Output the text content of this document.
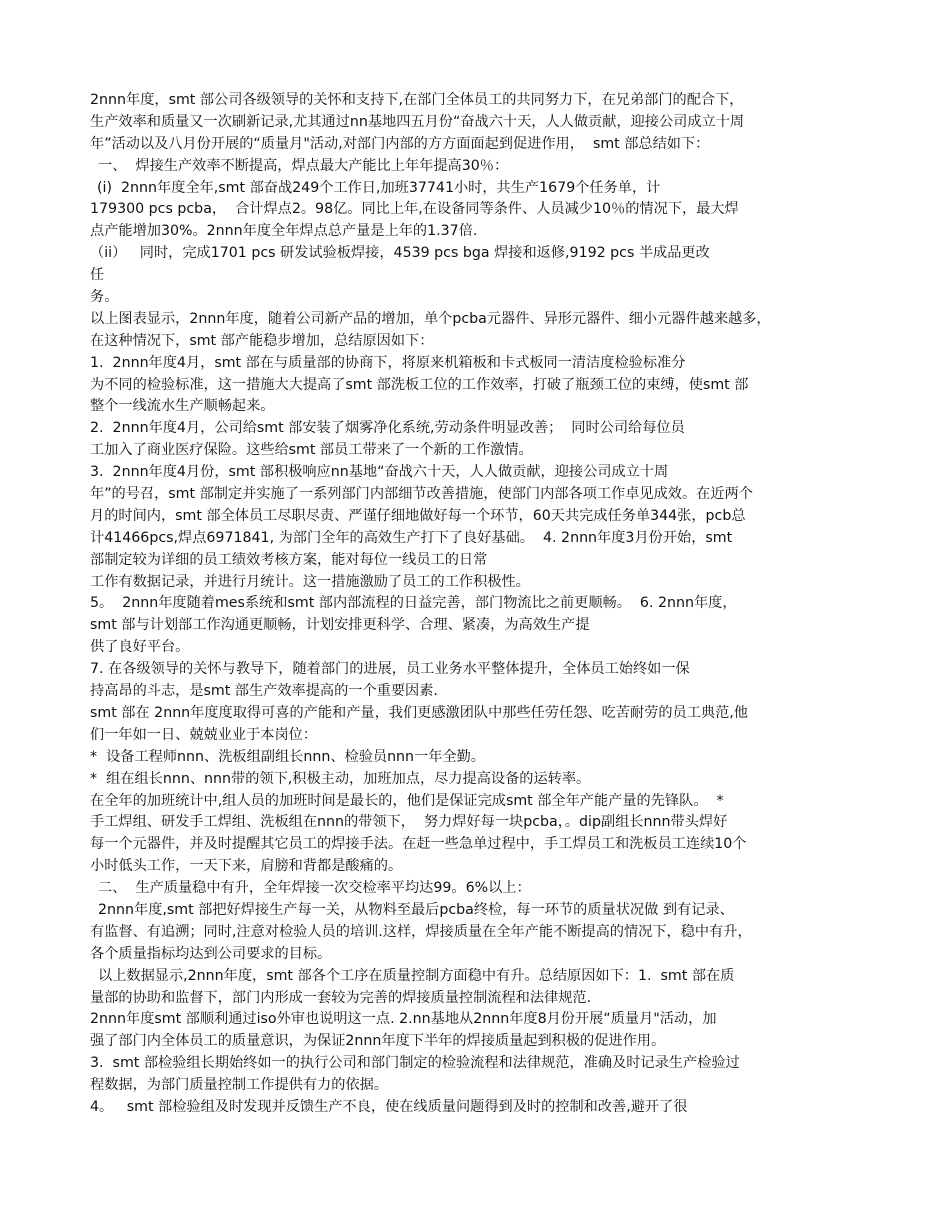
2nnn年度，smt 部公司各级领导的关怀和支持下,在部门全体员工的共同努力下，在兄弟部门的配合下，
生产效率和质量又一次刷新记录,尤其通过nn基地四五月份“奋战六十天，人人做贡献，迎接公司成立十周
年”活动以及八月份开展的“质量月"活动,对部门内部的方方面面起到促进作用，  smt 部总结如下：
一、  焊接生产效率不断提高，焊点最大产能比上年年提高30％：
(i)  2nnn年度全年,smt 部奋战249个工作日,加班37741小时，共生产1679个任务单，计
179300 pcs pcba，  合计焊点2。98亿。同比上年,在设备同等条件、人员减少10％的情况下，最大焊
点产能增加30%。2nnn年度全年焊点总产量是上年的1.37倍.
（ii）   同时，完成1701 pcs 研发试验板焊接，4539 pcs bga 焊接和返修,9192 pcs 半成品更改
任
务。
以上图表显示，2nnn年度，随着公司新产品的增加，单个pcba元器件、异形元器件、细小元器件越来越多，
在这种情况下，smt 部产能稳步增加，总结原因如下：
1.  2nnn年度4月，smt 部在与质量部的协商下，将原来机箱板和卡式板同一清洁度检验标准分
为不同的检验标准，这一措施大大提高了smt 部洗板工位的工作效率，打破了瓶颈工位的束缚，使smt 部
整个一线流水生产顺畅起来。
2.  2nnn年度4月，公司给smt 部安装了烟雾净化系统,劳动条件明显改善；  同时公司给每位员
工加入了商业医疗保险。这些给smt 部员工带来了一个新的工作激情。
3.  2nnn年度4月份，smt 部积极响应nn基地“奋战六十天，人人做贡献，迎接公司成立十周
年”的号召，smt 部制定并实施了一系列部门内部细节改善措施，使部门内部各项工作卓见成效。在近两个
月的时间内，smt 部全体员工尽职尽责、严谨仔细地做好每一个环节，60天共完成任务单344张，pcb总
计41466pcs,焊点6971841, 为部门全年的高效生产打下了良好基础。  4. 2nnn年度3月份开始，smt
部制定较为详细的员工绩效考核方案，能对每位一线员工的日常
工作有数据记录，并进行月统计。这一措施激励了员工的工作积极性。
5。  2nnn年度随着mes系统和smt 部内部流程的日益完善，部门物流比之前更顺畅。  6. 2nnn年度，
smt 部与计划部工作沟通更顺畅，计划安排更科学、合理、紧凑，为高效生产提
供了良好平台。
7. 在各级领导的关怀与教导下，随着部门的进展，员工业务水平整体提升，全体员工始终如一保
持高昂的斗志，是smt 部生产效率提高的一个重要因素.
smt 部在 2nnn年度度取得可喜的产能和产量，我们更感激团队中那些任劳任怨、吃苦耐劳的员工典范,他
们一年如一日、兢兢业业于本岗位：
*  设备工程师nnn、洗板组副组长nnn、检验员nnn一年全勤。
*  组在组长nnn、nnn带的领下,积极主动，加班加点，尽力提高设备的运转率。
在全年的加班统计中,组人员的加班时间是最长的，他们是保证完成smt 部全年产能产量的先锋队。  *
手工焊组、研发手工焊组、洗板组在nnn的带领下，  努力焊好每一块pcba，。dip副组长nnn带头焊好
每一个元器件，并及时提醒其它员工的焊接手法。在赶一些急单过程中，手工焊员工和洗板员工连续10个
小时低头工作，一天下来，肩膀和背都是酸痛的。
二、  生产质量稳中有升，全年焊接一次交检率平均达99。6%以上：
2nnn年度,smt 部把好焊接生产每一关，从物料至最后pcba终检，每一环节的质量状况做 到有记录、
有监督、有追溯；同时,注意对检验人员的培训.这样，焊接质量在全年产能不断提高的情况下，稳中有升，
各个质量指标均达到公司要求的目标。
以上数据显示,2nnn年度，smt 部各个工序在质量控制方面稳中有升。总结原因如下：1.  smt 部在质
量部的协助和监督下，部门内形成一套较为完善的焊接质量控制流程和法律规范.
2nnn年度smt 部顺利通过iso外审也说明这一点. 2.nn基地从2nnn年度8月份开展“质量月"活动，加
强了部门内全体员工的质量意识，为保证2nnn年度下半年的焊接质量起到积极的促进作用。
3.  smt 部检验组长期始终如一的执行公司和部门制定的检验流程和法律规范，准确及时记录生产检验过
程数据，为部门质量控制工作提供有力的依据。
4。   smt 部检验组及时发现并反馈生产不良，使在线质量问题得到及时的控制和改善,避开了很
